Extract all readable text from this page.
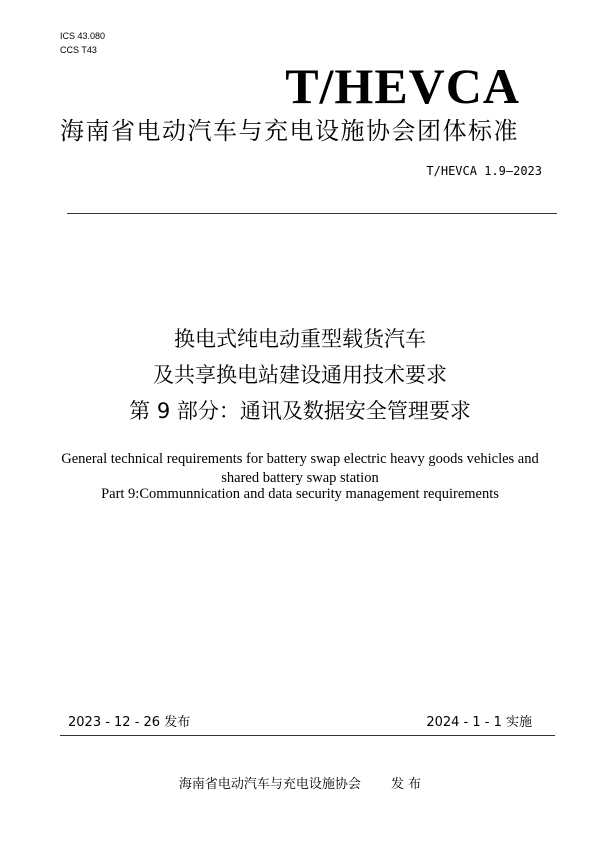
ICS 43.080
CCS T43
T/HEVCA
海南省电动汽车与充电设施协会团体标准
T/HEVCA 1.9—2023
换电式纯电动重型载货汽车
及共享换电站建设通用技术要求
第 9 部分：通讯及数据安全管理要求
General technical requirements for battery swap electric heavy goods vehicles and
shared battery swap station
Part 9:Communnication and data security management requirements
2023 - 12 - 26 发布	2024 - 1 - 1 实施
海南省电动汽车与充电设施协会 发 布
